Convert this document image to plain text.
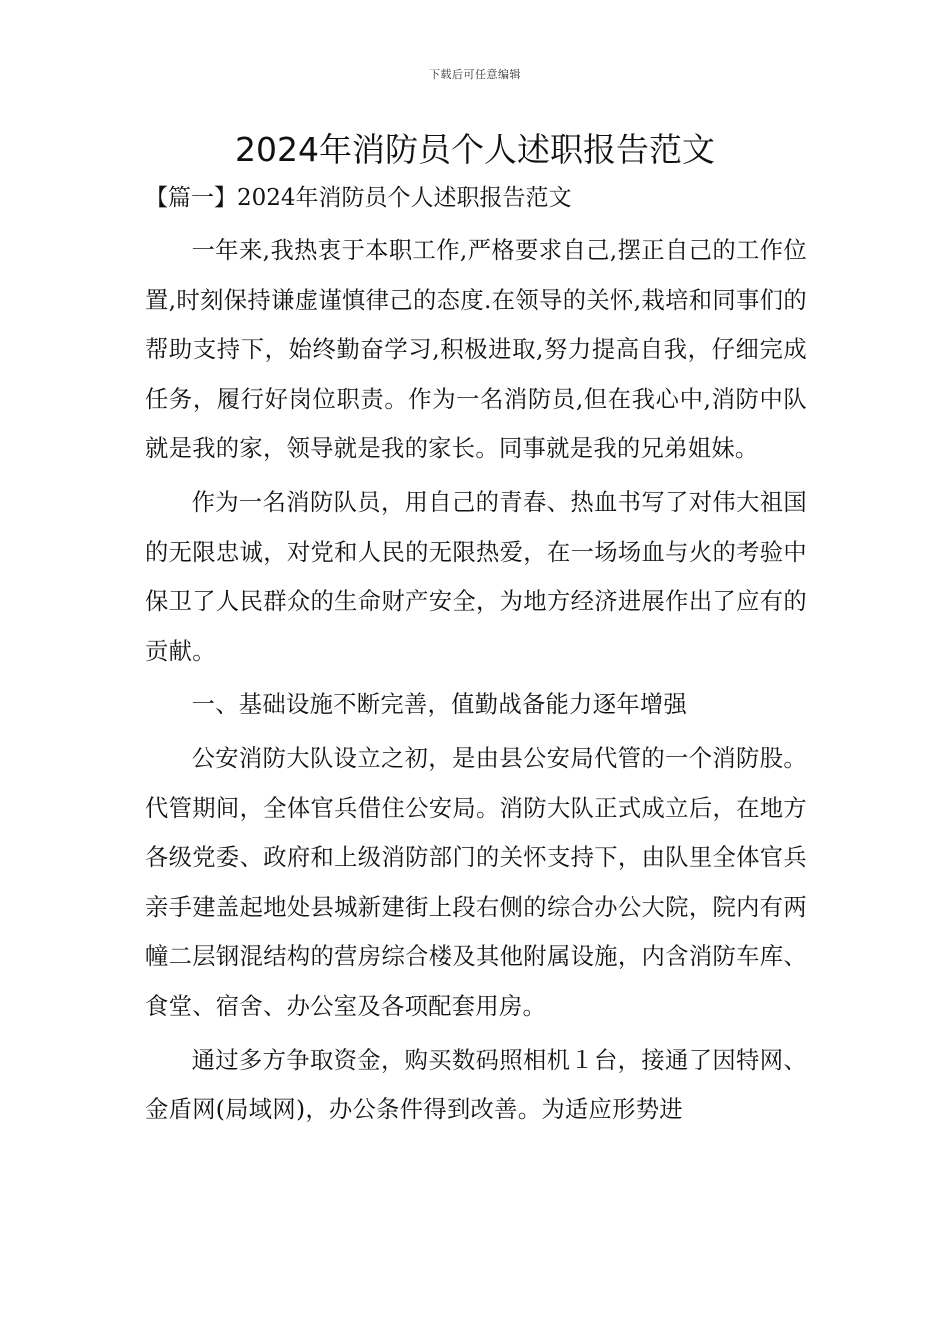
下载后可任意编辑
2024年消防员个人述职报告范文
【篇一】2024年消防员个人述职报告范文

一年来,我热衷于本职工作,严格要求自己,摆正自己的工作位置,时刻保持谦虚谨慎律己的态度.在领导的关怀,栽培和同事们的帮助支持下，始终勤奋学习,积极进取,努力提高自我，仔细完成任务，履行好岗位职责。作为一名消防员,但在我心中,消防中队就是我的家，领导就是我的家长。同事就是我的兄弟姐妹。

作为一名消防队员，用自己的青春、热血书写了对伟大祖国的无限忠诚，对党和人民的无限热爱，在一场场血与火的考验中保卫了人民群众的生命财产安全，为地方经济进展作出了应有的贡献。

一、基础设施不断完善，值勤战备能力逐年增强

公安消防大队设立之初，是由县公安局代管的一个消防股。代管期间，全体官兵借住公安局。消防大队正式成立后，在地方各级党委、政府和上级消防部门的关怀支持下，由队里全体官兵亲手建盖起地处县城新建街上段右侧的综合办公大院，院内有两幢二层钢混结构的营房综合楼及其他附属设施，内含消防车库、食堂、宿舍、办公室及各项配套用房。

通过多方争取资金，购买数码照相机１台，接通了因特网、金盾网(局域网)，办公条件得到改善。为适应形势进
